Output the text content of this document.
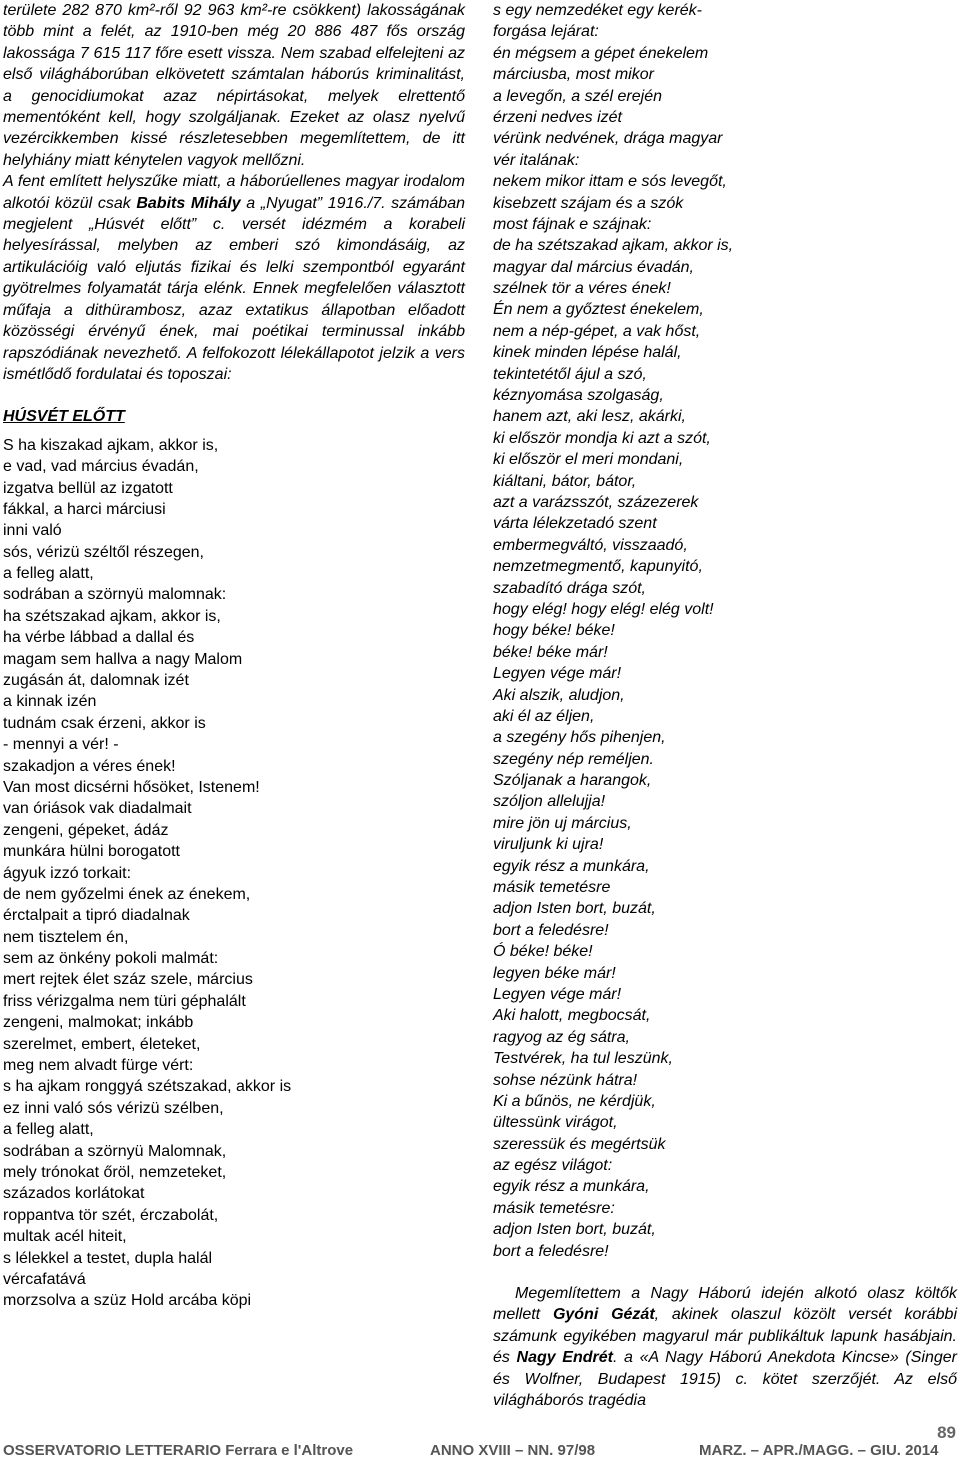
területe 282 870 km²-ről 92 963 km²-re csökkent) lakosságának több mint a felét, az 1910-ben még 20 886 487 fős ország lakossága 7 615 117 főre esett vissza. Nem szabad elfelejteni az első világháborúban elkövetett számtalan háborús kriminalitást, a genocidiumokat azaz népirtásokat, melyek elrettentő mementóként kell, hogy szolgáljanak. Ezeket az olasz nyelvű vezércikkemben kissé részletesebben megemlítettem, de itt helyhiány miatt kénytelen vagyok mellőzni.

A fent említett helyszűke miatt, a háborúellenes magyar irodalom alkotói közül csak Babits Mihály a „Nyugat” 1916./7. számában megjelent „Húsvét előtt” c. versét idézmém a korabeli helyesírással, melyben az emberi szó kimondásáig, az artikulációig való eljutás fizikai és lelki szempontból egyaránt gyötrelmes folyamatát tárja elénk. Ennek megfelelően választott műfaja a dithürambosz, azaz extatikus állapotban előadott közösségi érvényű ének, mai poétikai terminussal inkább rapszódiának nevezhető. A felfokozott lélekállapotot jelzik a vers ismétlődő fordulatai és toposzai:

HÚSVÉT ELŐTT

S ha kiszakad ajkam, akkor is,
e vad, vad március évadán,
izgatva bellül az izgatott
fákkal, a harci márciusi
inni való
sós, vérizü széltől részegen,
a felleg alatt,
sodrában a szörnyü malomnak:
ha szétszakad ajkam, akkor is,
ha vérbe lábbad a dallal és
magam sem hallva a nagy Malom
zugásán át, dalomnak izét
a kinnak izén
tudnám csak érzeni, akkor is
- mennyi a vér! -
szakadjon a véres ének!
Van most dicsérni hősöket, Istenem!
van óriások vak diadalmait
zengeni, gépeket, ádáz
munkára hülni borogatott
ágyuk izzó torkait:
de nem győzelmi ének az énekem,
érctalpait a tipró diadalnak
nem tisztelem én,
sem az önkény pokoli malmát:
mert rejtek élet száz szele, március
friss vérizgalma nem türi géphalált
zengeni, malmokat; inkább
szerelmet, embert, életeket,
meg nem alvadt fürge vért:
s ha ajkam ronggyá szétszakad, akkor is
ez inni való sós vérizü szélben,
a felleg alatt,
sodrában a szörnyü Malomnak,
mely trónokat őröl, nemzeteket,
százados korlátokat
roppantva tör szét, érczabolát,
multak acél hiteit,
s lélekkel a testet, dupla halál
vércafatává
morzsolva a szüz Hold arcába köpi
s egy nemzedéket egy kerék-
forgása lejárat:
én mégsem a gépet énekelem
márciusba, most mikor
a levegőn, a szél erején
érzeni nedves izét
vérünk nedvének, drága magyar
vér italának:
nekem mikor ittam e sós levegőt,
kisebzett szájam és a szók
most fájnak e szájnak:
de ha szétszakad ajkam, akkor is,
magyar dal március évadán,
szélnek tör a véres ének!
Én nem a győztest énekelem,
nem a nép-gépet, a vak hőst,
kinek minden lépése halál,
tekintetétől ájul a szó,
kéznyomása szolgaság,
hanem azt, aki lesz, akárki,
ki először mondja ki azt a szót,
ki először el meri mondani,
kiáltani, bátor, bátor,
azt a varázsszót, százezerek
várta lélekzetadó szent
embermegváltó, visszaadó,
nemzetmegmentő, kapunyitó,
szabadító drága szót,
hogy elég! hogy elég! elég volt!
hogy béke! béke!
béke! béke már!
Legyen vége már!
Aki alszik, aludjon,
aki él az éljen,
a szegény hős pihenjen,
szegény nép reméljen.
Szóljanak a harangok,
szóljon allelujja!
mire jön uj március,
viruljunk ki ujra!
egyik rész a munkára,
másik temetésre
adjon Isten bort, buzát,
bort a feledésre!
Ó béke! béke!
legyen béke már!
Legyen vége már!
Aki halott, megbocsát,
ragyog az ég sátra,
Testvérek, ha tul leszünk,
sohse nézünk hátra!
Ki a bűnös, ne kérdjük,
ültessünk virágot,
szeressük és megértsük
az egész világot:
egyik rész a munkára,
másik temetésre:
adjon Isten bort, buzát,
bort a feledésre!

Megemlítettem a Nagy Háború idején alkotó olasz költők mellett Gyóni Gézát, akinek olaszul közölt versét korábbi számunk egyikében magyarul már publikáltuk lapunk hasábjain. és Nagy Endrét. a «A Nagy Háború Anekdota Kincse» (Singer és Wolfner, Budapest 1915) c. kötet szerzőjét. Az első világháborós tragédia

89
OSSERVATORIO LETTERARIO Ferrara e l'Altrove	ANNO XVIII – NN. 97/98	MARZ. – APR./MAGG. – GIU. 2014
